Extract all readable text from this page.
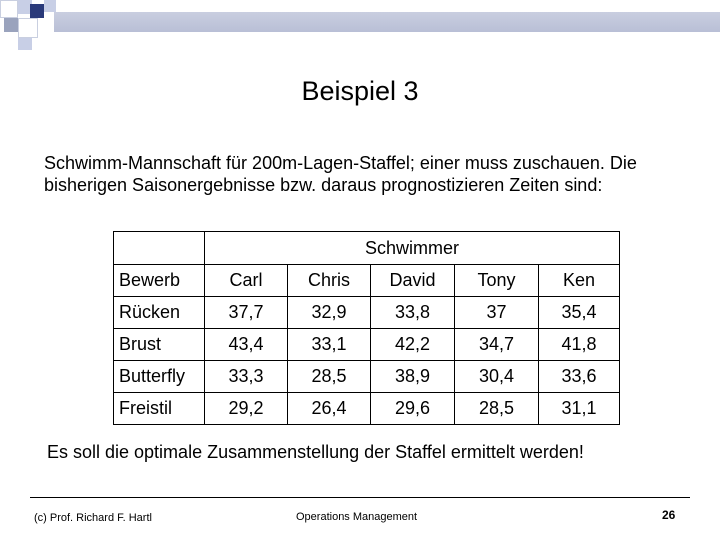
Beispiel 3
Schwimm-Mannschaft für 200m-Lagen-Staffel; einer muss zuschauen. Die bisherigen Saisonergebnisse bzw. daraus prognostizieren Zeiten sind:
	Schwimmer				
Bewerb	Carl	Chris	David	Tony	Ken
Rücken	37,7	32,9	33,8	37	35,4
Brust	43,4	33,1	42,2	34,7	41,8
Butterfly	33,3	28,5	38,9	30,4	33,6
Freistil	29,2	26,4	29,6	28,5	31,1
Es soll die optimale Zusammenstellung der Staffel ermittelt werden!
(c) Prof. Richard F. Hartl	Operations Management	26
